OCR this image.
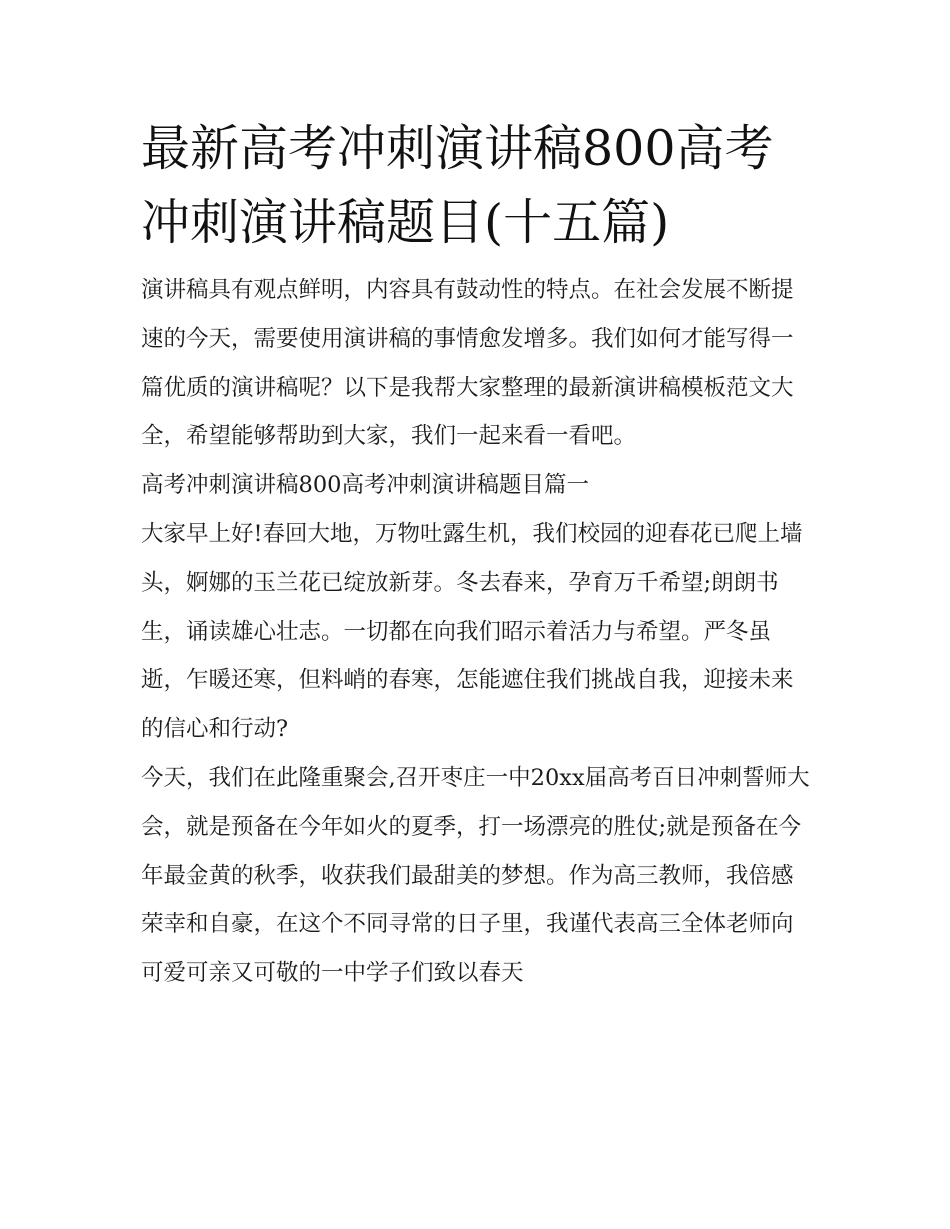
最新高考冲刺演讲稿800高考冲刺演讲稿题目(十五篇)

演讲稿具有观点鲜明，内容具有鼓动性的特点。在社会发展不断提速的今天，需要使用演讲稿的事情愈发增多。我们如何才能写得一篇优质的演讲稿呢？以下是我帮大家整理的最新演讲稿模板范文大全，希望能够帮助到大家，我们一起来看一看吧。

高考冲刺演讲稿800高考冲刺演讲稿题目篇一

大家早上好!春回大地，万物吐露生机，我们校园的迎春花已爬上墙头，婀娜的玉兰花已绽放新芽。冬去春来，孕育万千希望;朗朗书生，诵读雄心壮志。一切都在向我们昭示着活力与希望。严冬虽逝，乍暖还寒，但料峭的春寒，怎能遮住我们挑战自我，迎接未来的信心和行动?

今天，我们在此隆重聚会,召开枣庄一中20xx届高考百日冲刺誓师大会，就是预备在今年如火的夏季，打一场漂亮的胜仗;就是预备在今年最金黄的秋季，收获我们最甜美的梦想。作为高三教师，我倍感荣幸和自豪，在这个不同寻常的日子里，我谨代表高三全体老师向可爱可亲又可敬的一中学子们致以春天
